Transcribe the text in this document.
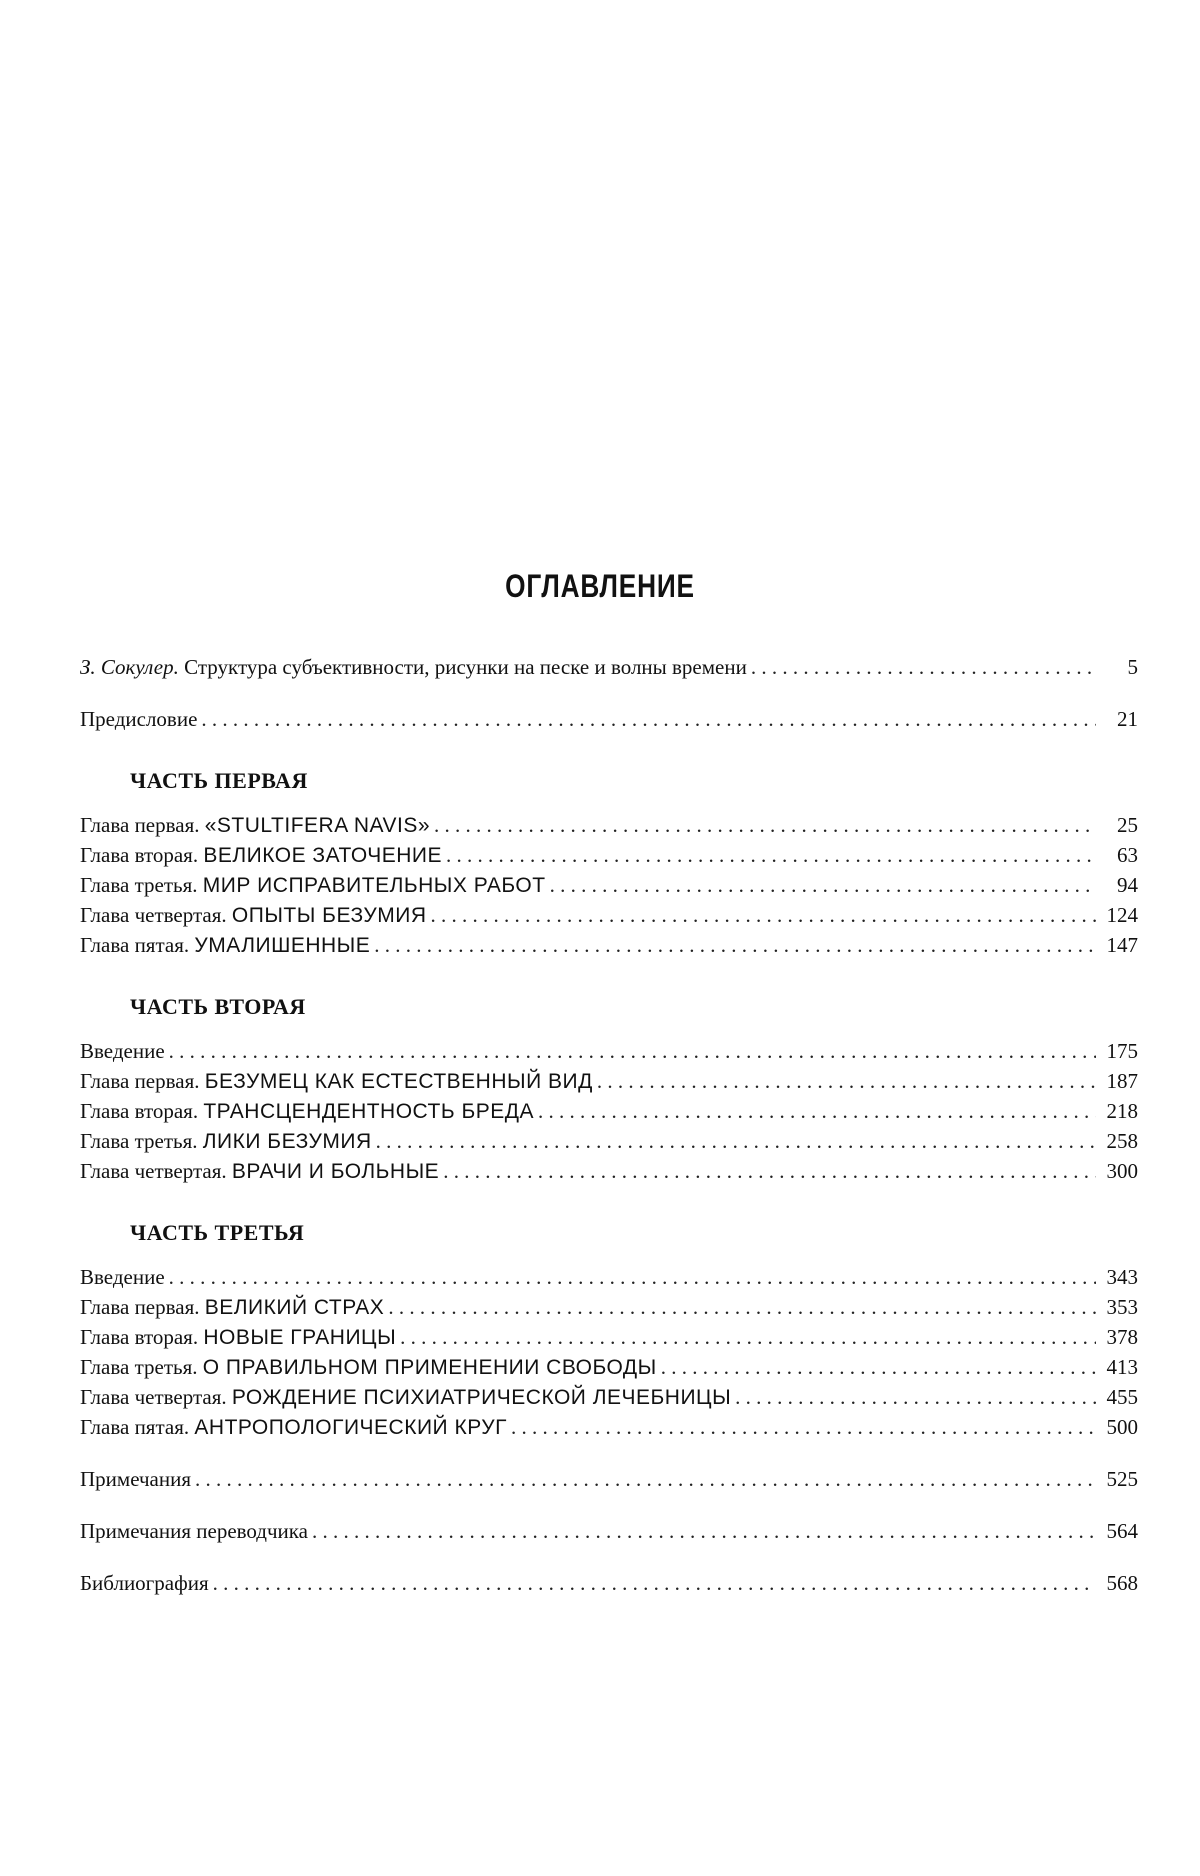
ОГЛАВЛЕНИЕ
З. Сокулер. Структура субъективности, рисунки на песке и волны времени . . .	5
Предисловие . . .	21
ЧАСТЬ ПЕРВАЯ
Глава первая. «STULTIFERA NAVIS» . . .	25
Глава вторая. ВЕЛИКОЕ ЗАТОЧЕНИЕ . . .	63
Глава третья. МИР ИСПРАВИТЕЛЬНЫХ РАБОТ . . .	94
Глава четвертая. ОПЫТЫ БЕЗУМИЯ . . .	124
Глава пятая. УМАЛИШЕННЫЕ . . .	147
ЧАСТЬ ВТОРАЯ
Введение . . .	175
Глава первая. БЕЗУМЕЦ КАК ЕСТЕСТВЕННЫЙ ВИД . . .	187
Глава вторая. ТРАНСЦЕНДЕНТНОСТЬ БРЕДА . . .	218
Глава третья. ЛИКИ БЕЗУМИЯ . . .	258
Глава четвертая. ВРАЧИ И БОЛЬНЫЕ . . .	300
ЧАСТЬ ТРЕТЬЯ
Введение . . .	343
Глава первая. ВЕЛИКИЙ СТРАХ . . .	353
Глава вторая. НОВЫЕ ГРАНИЦЫ . . .	378
Глава третья. О ПРАВИЛЬНОМ ПРИМЕНЕНИИ СВОБОДЫ . . .	413
Глава четвертая. РОЖДЕНИЕ ПСИХИАТРИЧЕСКОЙ ЛЕЧЕБНИЦЫ . . .	455
Глава пятая. АНТРОПОЛОГИЧЕСКИЙ КРУГ . . .	500
Примечания . . .	525
Примечания переводчика . . .	564
Библиография . . .	568
